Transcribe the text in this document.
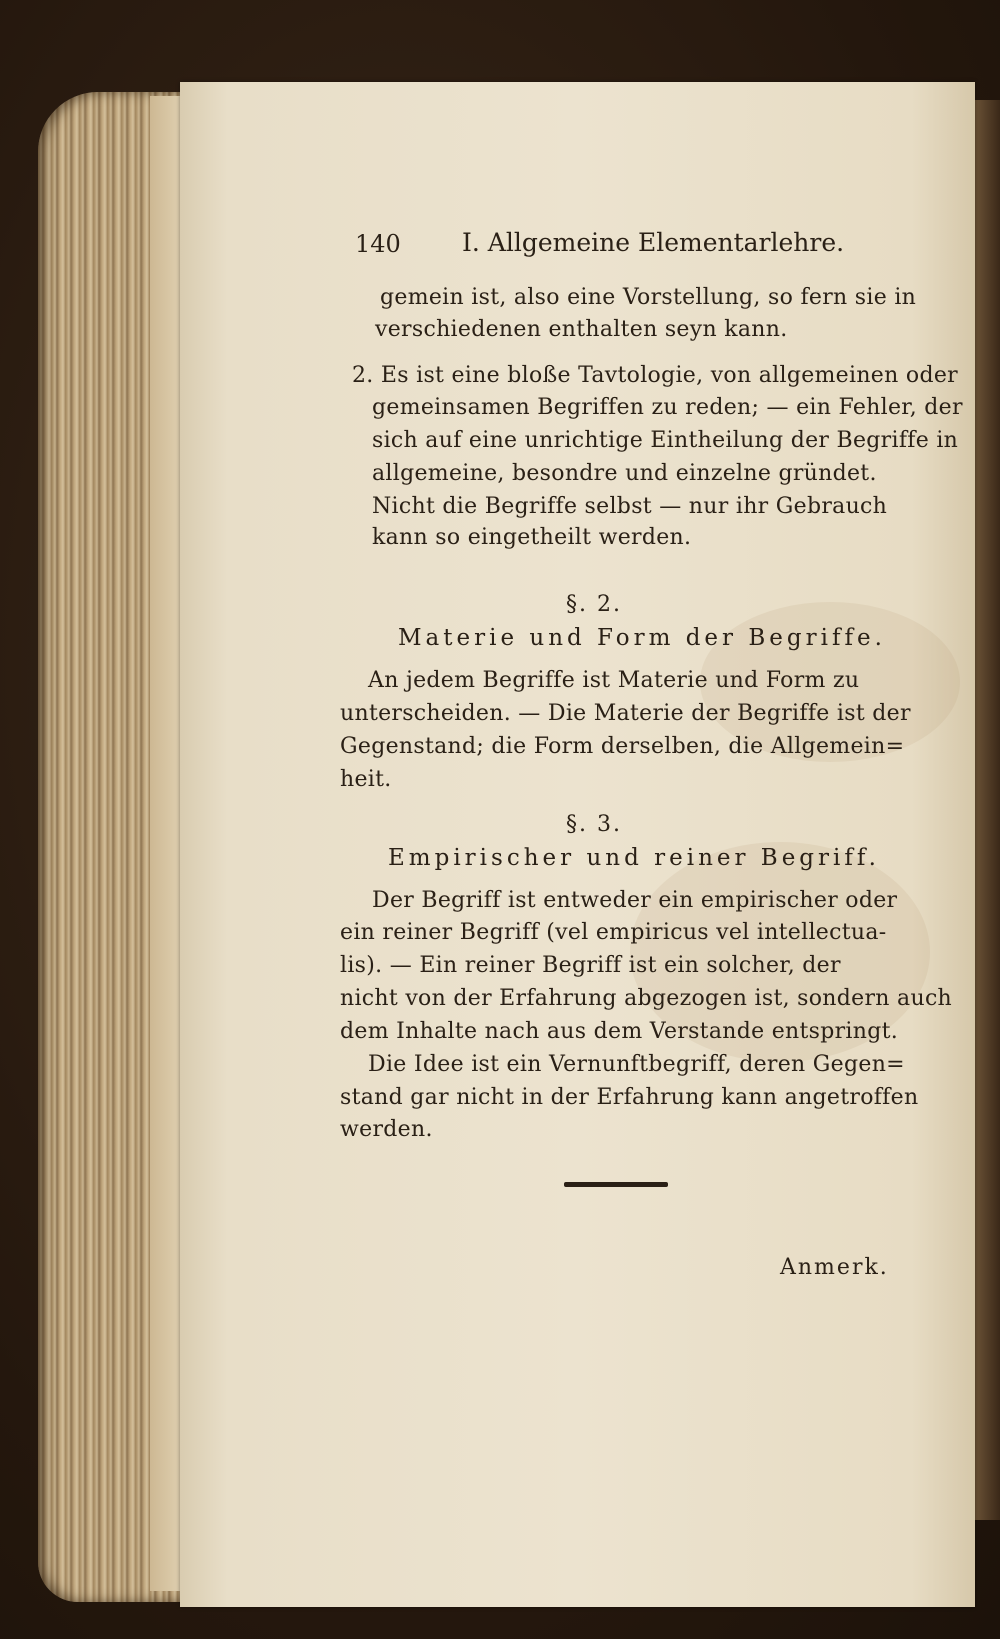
140 I. Allgemeine Elementarlehre.
gemein ist, also eine Vorstellung, so fern sie in
verschiedenen enthalten seyn kann.
2. Es ist eine bloße Tavtologie, von allgemeinen oder
gemeinsamen Begriffen zu reden; — ein Fehler, der
sich auf eine unrichtige Eintheilung der Begriffe in
allgemeine, besondre und einzelne gründet.
Nicht die Begriffe selbst — nur ihr Gebrauch
kann so eingetheilt werden.
§. 2.
Materie und Form der Begriffe.
An jedem Begriffe ist Materie und Form zu
unterscheiden. — Die Materie der Begriffe ist der
Gegenstand; die Form derselben, die Allgemein=
heit.
§. 3.
Empirischer und reiner Begriff.
Der Begriff ist entweder ein empirischer oder
ein reiner Begriff (vel empiricus vel intellectua-
lis). — Ein reiner Begriff ist ein solcher, der
nicht von der Erfahrung abgezogen ist, sondern auch
dem Inhalte nach aus dem Verstande entspringt.
Die Idee ist ein Vernunftbegriff, deren Gegen=
stand gar nicht in der Erfahrung kann angetroffen
werden.
Anmerk.
